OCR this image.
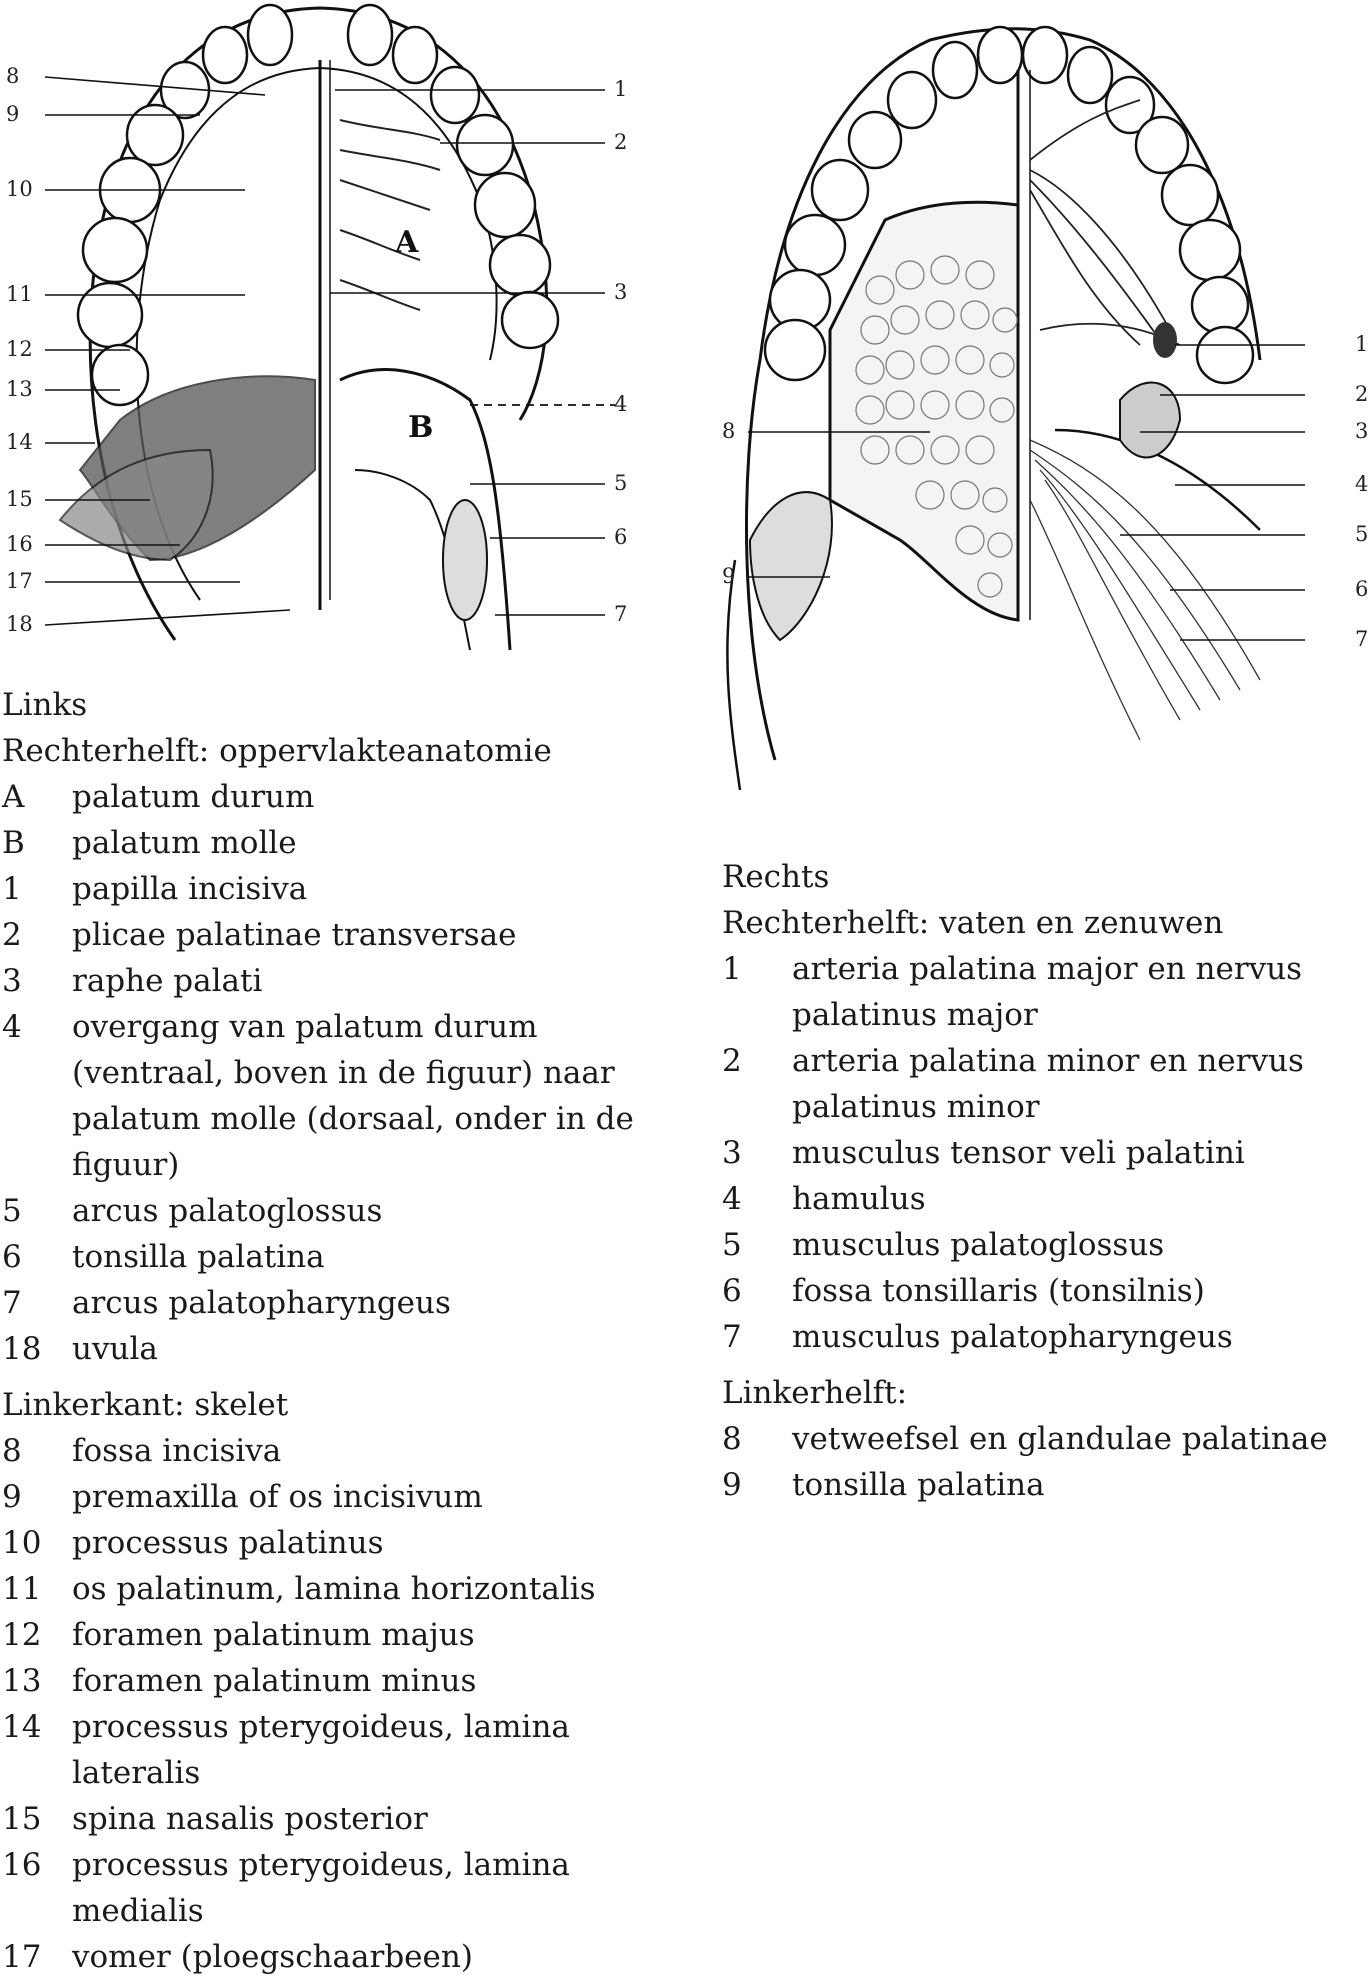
A
B
8
9
10
11
12
13
14
15
16
17
18
1
2
3
4
5
6
7
1
2
3
4
5
6
7
8
9
Links
Rechterhelft: oppervlakteanatomie
A	palatum durum
B	palatum molle
1	papilla incisiva
2	plicae palatinae transversae
3	raphe palati
4	overgang van palatum durum (ventraal, boven in de figuur) naar palatum molle (dorsaal, onder in de figuur)
5	arcus palatoglossus
6	tonsilla palatina
7	arcus palatopharyngeus
18 uvula
Linkerkant: skelet
8	fossa incisiva
9	premaxilla of os incisivum
10 processus palatinus
11 os palatinum, lamina horizontalis
12 foramen palatinum majus
13 foramen palatinum minus
14 processus pterygoideus, lamina lateralis
15 spina nasalis posterior
16 processus pterygoideus, lamina medialis
17 vomer (ploegschaarbeen)
Rechts
Rechterhelft: vaten en zenuwen
1	arteria palatina major en nervus palatinus major
2	arteria palatina minor en nervus palatinus minor
3	musculus tensor veli palatini
4	hamulus
5	musculus palatoglossus
6	fossa tonsillaris (tonsilnis)
7	musculus palatopharyngeus
Linkerhelft:
8	vetweefsel en glandulae palatinae
9	tonsilla palatina
